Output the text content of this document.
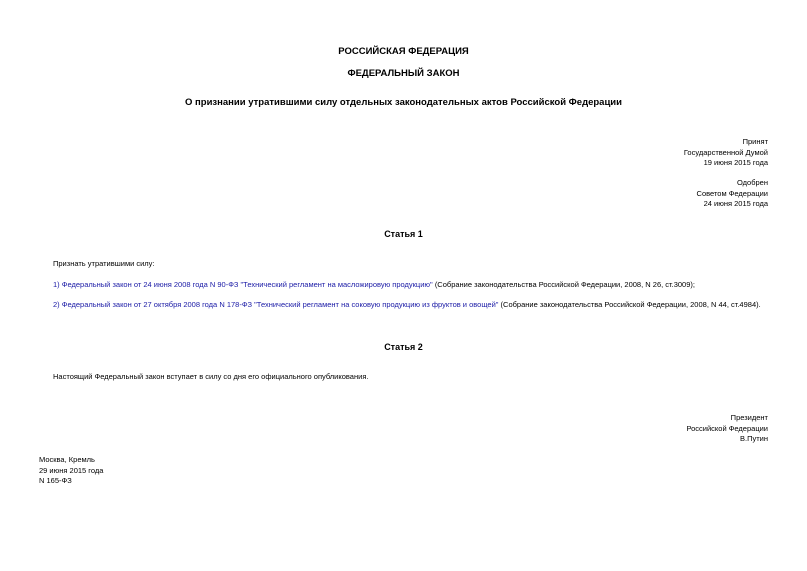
РОССИЙСКАЯ ФЕДЕРАЦИЯ
ФЕДЕРАЛЬНЫЙ ЗАКОН
О признании утратившими силу отдельных законодательных актов Российской Федерации
Принят
Государственной Думой
19 июня 2015 года
Одобрен
Советом Федерации
24 июня 2015 года
Статья 1
Признать утратившими силу:
1) Федеральный закон от 24 июня 2008 года N 90-ФЗ "Технический регламент на масложировую продукцию" (Собрание законодательства Российской Федерации, 2008, N 26, ст.3009);
2) Федеральный закон от 27 октября 2008 года N 178-ФЗ "Технический регламент на соковую продукцию из фруктов и овощей" (Собрание законодательства Российской Федерации, 2008, N 44, ст.4984).
Статья 2
Настоящий Федеральный закон вступает в силу со дня его официального опубликования.
Президент
Российской Федерации
В.Путин
Москва, Кремль
29 июня 2015 года
N 165-ФЗ
